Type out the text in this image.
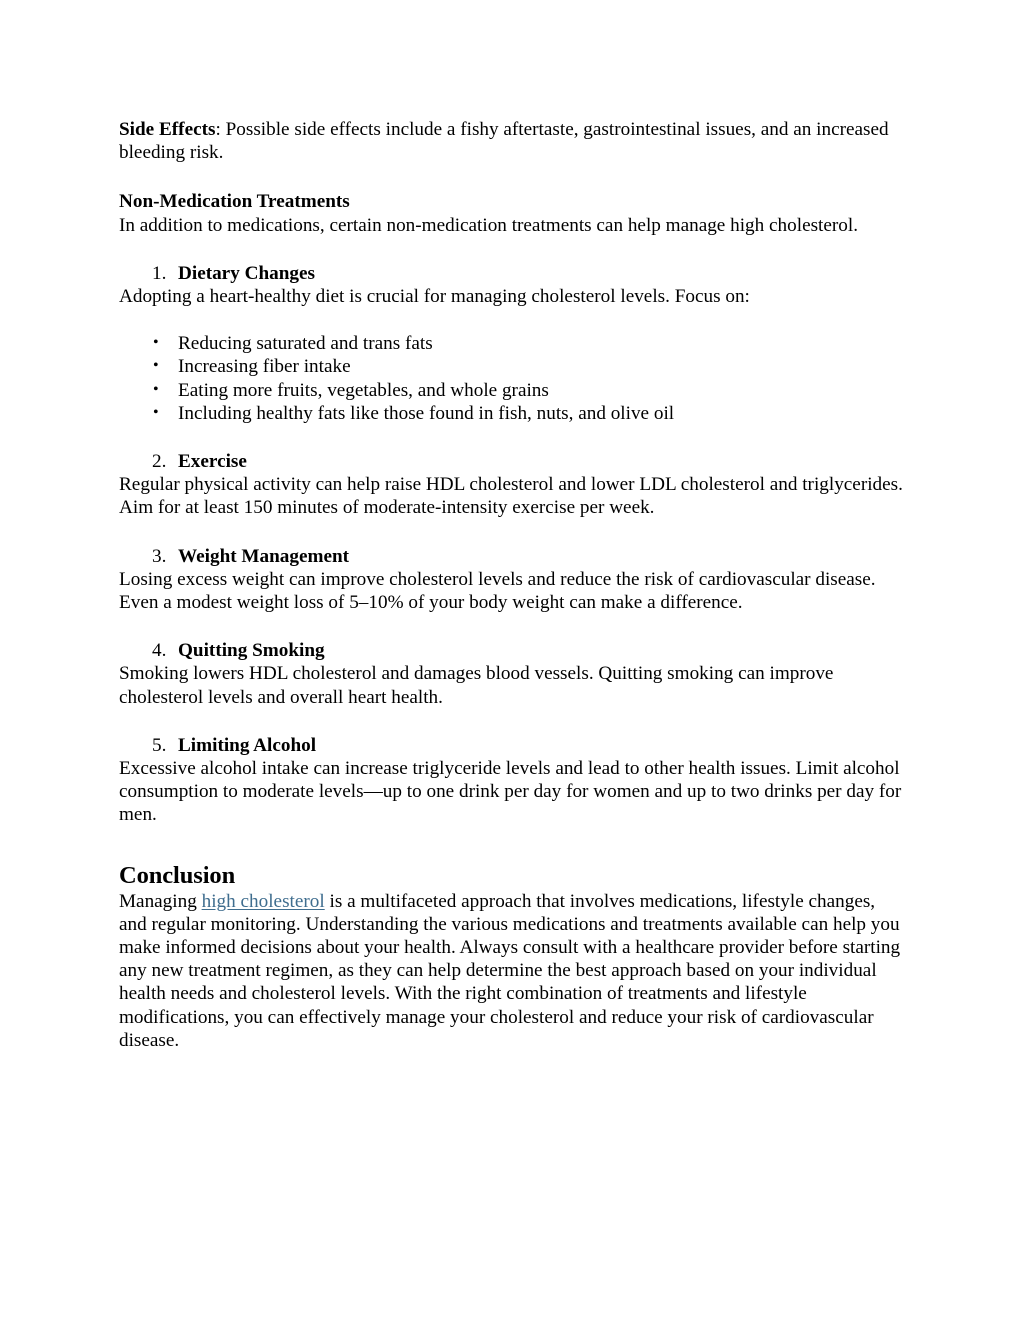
Side Effects: Possible side effects include a fishy aftertaste, gastrointestinal issues, and an increased bleeding risk.

Non-Medication Treatments

In addition to medications, certain non-medication treatments can help manage high cholesterol.

1. Dietary Changes

Adopting a heart-healthy diet is crucial for managing cholesterol levels. Focus on:

• Reducing saturated and trans fats
• Increasing fiber intake
• Eating more fruits, vegetables, and whole grains
• Including healthy fats like those found in fish, nuts, and olive oil
2. Exercise

Regular physical activity can help raise HDL cholesterol and lower LDL cholesterol and triglycerides. Aim for at least 150 minutes of moderate-intensity exercise per week.

3. Weight Management

Losing excess weight can improve cholesterol levels and reduce the risk of cardiovascular disease. Even a modest weight loss of 5–10% of your body weight can make a difference.

4. Quitting Smoking

Smoking lowers HDL cholesterol and damages blood vessels. Quitting smoking can improve cholesterol levels and overall heart health.

5. Limiting Alcohol

Excessive alcohol intake can increase triglyceride levels and lead to other health issues. Limit alcohol consumption to moderate levels—up to one drink per day for women and up to two drinks per day for men.

Conclusion

Managing high cholesterol is a multifaceted approach that involves medications, lifestyle changes, and regular monitoring. Understanding the various medications and treatments available can help you make informed decisions about your health. Always consult with a healthcare provider before starting any new treatment regimen, as they can help determine the best approach based on your individual health needs and cholesterol levels. With the right combination of treatments and lifestyle modifications, you can effectively manage your cholesterol and reduce your risk of cardiovascular disease.
